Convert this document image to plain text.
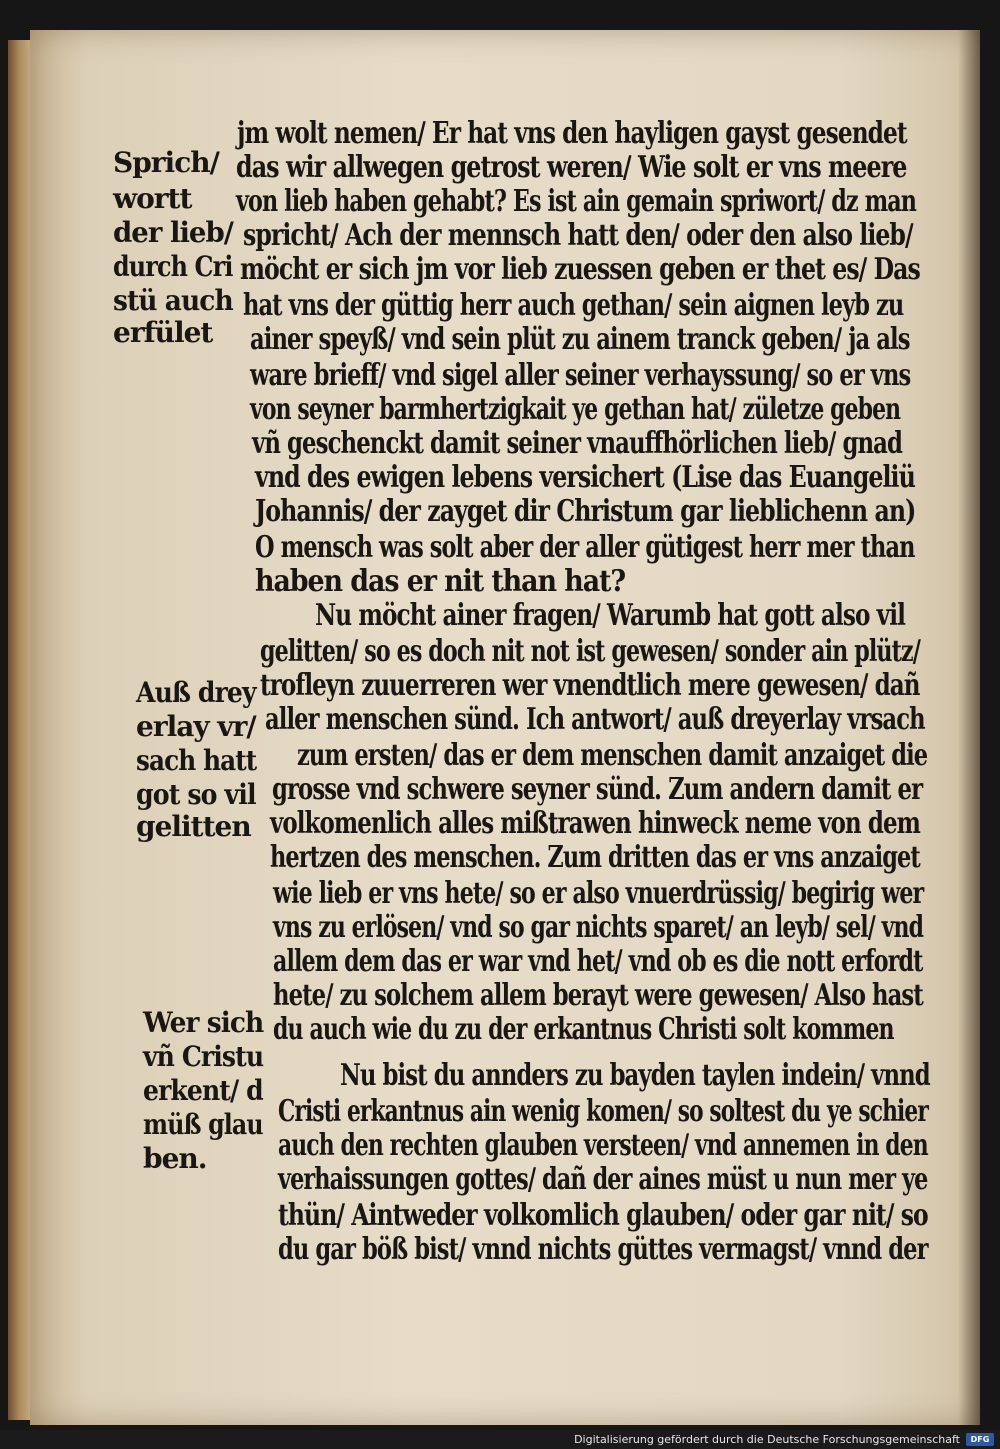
jm wolt nemen/ Er hat vns den hayligen gayst gesendet
das wir allwegen getrost weren/ Wie solt er vns meere
von lieb haben gehabt? Es ist ain gemain spriwort/ dz man
spricht/ Ach der mennsch hatt den/ oder den also lieb/
möcht er sich jm vor lieb zuessen geben er thet es/ Das
hat vns der güttig herr auch gethan/ sein aignen leyb zu
ainer speyß/ vnd sein plüt zu ainem tranck geben/ ja als
ware brieff/ vnd sigel aller seiner verhayssung/ so er vns
von seyner barmhertzigkait ye gethan hat/ zületze geben
vñ geschenckt damit seiner vnauffhörlichen lieb/ gnad
vnd des ewigen lebens versichert (Lise das Euangeliü
Johannis/ der zayget dir Christum gar lieblichenn an)
O mensch was solt aber der aller gütigest herr mer than
haben das er nit than hat?
Nu möcht ainer fragen/ Warumb hat gott also vil
gelitten/ so es doch nit not ist gewesen/ sonder ain plütz/
trofleyn zuuerreren wer vnendtlich mere gewesen/ dañ
aller menschen sünd. Ich antwort/ auß dreyerlay vrsach
zum ersten/ das er dem menschen damit anzaiget die
grosse vnd schwere seyner sünd. Zum andern damit er
volkomenlich alles mißtrawen hinweck neme von dem
hertzen des menschen. Zum dritten das er vns anzaiget
wie lieb er vns hete/ so er also vnuerdrüssig/ begirig wer
vns zu erlösen/ vnd so gar nichts sparet/ an leyb/ sel/ vnd
allem dem das er war vnd het/ vnd ob es die nott erfordt
hete/ zu solchem allem berayt were gewesen/ Also hast
du auch wie du zu der erkantnus Christi solt kommen
Nu bist du annders zu bayden taylen indein/ vnnd
Cristi erkantnus ain wenig komen/ so soltest du ye schier
auch den rechten glauben versteen/ vnd annemen in den
verhaissungen gottes/ dañ der aines müst u nun mer ye
thün/ Aintweder volkomlich glauben/ oder gar nit/ so
du gar böß bist/ vnnd nichts güttes vermagst/ vnnd der
Sprich/
wortt
der lieb/
durch Cri
stü auch
erfület
Auß drey
erlay vr/
sach hatt
got so vil
gelitten
Wer sich
vñ Cristu
erkent/ d
müß glau
ben.
Digitalisierung gefördert durch die Deutsche Forschungsgemeinschaft	DFG
